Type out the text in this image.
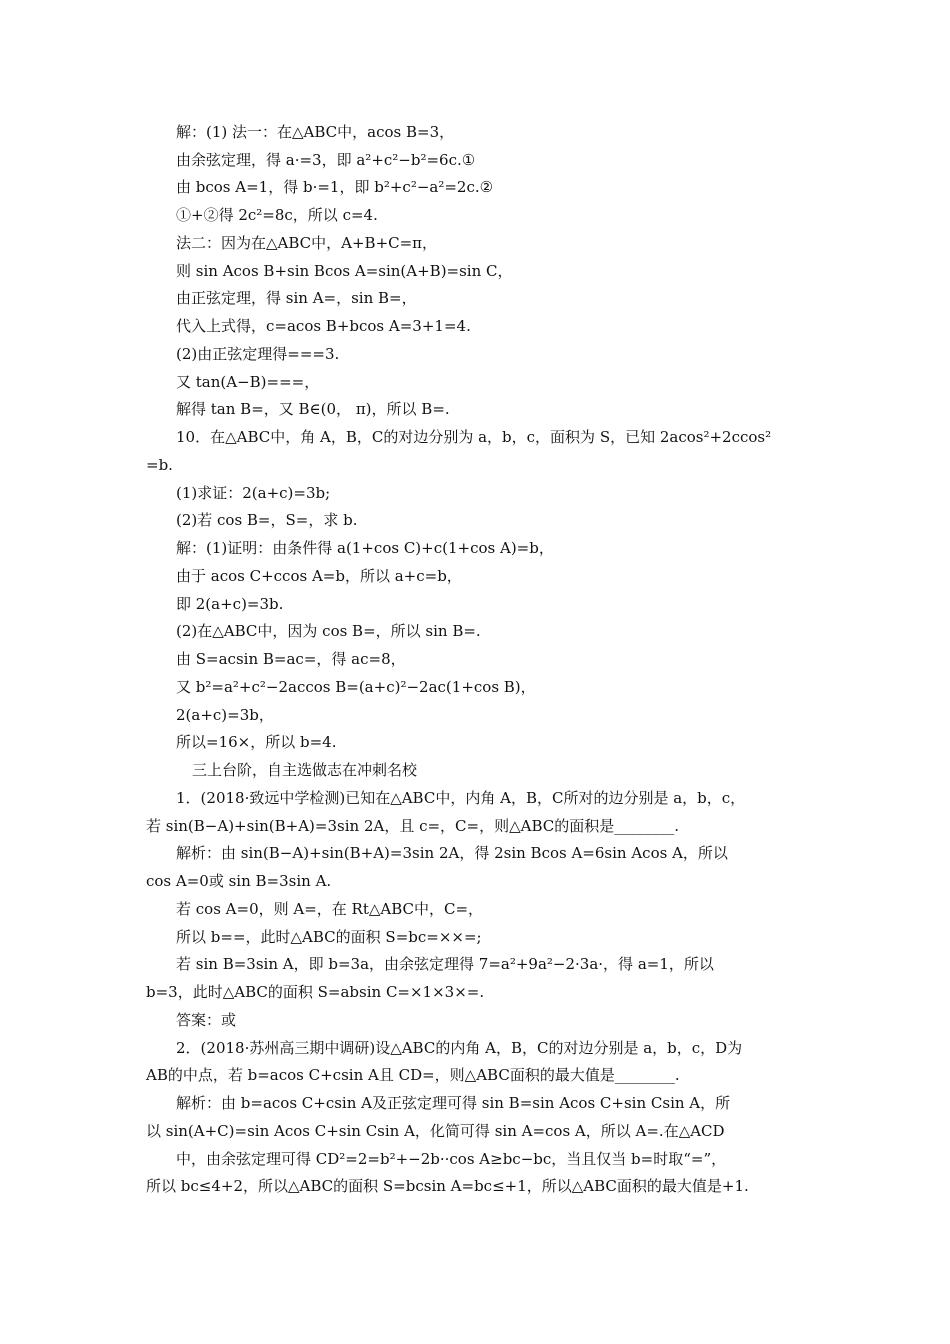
解：(1) 法一：在△ABC中，acos B=3，
由余弦定理，得 a·=3，即 a²+c²−b²=6c.①
由 bcos A=1，得 b·=1，即 b²+c²−a²=2c.②
①+②得 2c²=8c，所以 c=4.
法二：因为在△ABC中，A+B+C=π，
则 sin Acos B+sin Bcos A=sin(A+B)=sin C，
由正弦定理，得 sin A=，sin B=，
代入上式得，c=acos B+bcos A=3+1=4.
(2)由正弦定理得===3.
又 tan(A−B)===，
解得 tan B=，又 B∈(0， π)，所以 B=.
10．在△ABC中，角 A，B，C的对边分别为 a，b，c，面积为 S，已知 2acos²+2ccos²
=b.
(1)求证：2(a+c)=3b;
(2)若 cos B=，S=，求 b.
解：(1)证明：由条件得 a(1+cos C)+c(1+cos A)=b，
由于 acos C+ccos A=b，所以 a+c=b，
即 2(a+c)=3b.
(2)在△ABC中，因为 cos B=，所以 sin B=.
由 S=acsin B=ac=，得 ac=8，
又 b²=a²+c²−2accos B=(a+c)²−2ac(1+cos B)，
2(a+c)=3b，
所以=16×，所以 b=4.
三上台阶，自主选做志在冲刺名校
1．(2018·致远中学检测)已知在△ABC中，内角 A，B，C所对的边分别是 a，b，c，
若 sin(B−A)+sin(B+A)=3sin 2A，且 c=，C=，则△ABC的面积是________.
解析：由 sin(B−A)+sin(B+A)=3sin 2A，得 2sin Bcos A=6sin Acos A，所以
cos A=0或 sin B=3sin A.
若 cos A=0，则 A=，在 Rt△ABC中，C=，
所以 b==，此时△ABC的面积 S=bc=××=;
若 sin B=3sin A，即 b=3a，由余弦定理得 7=a²+9a²−2·3a·，得 a=1，所以
b=3，此时△ABC的面积 S=absin C=×1×3×=.
答案：或
2．(2018·苏州高三期中调研)设△ABC的内角 A，B，C的对边分别是 a，b，c，D为
AB的中点，若 b=acos C+csin A且 CD=，则△ABC面积的最大值是________.
解析：由 b=acos C+csin A及正弦定理可得 sin B=sin Acos C+sin Csin A，所
以 sin(A+C)=sin Acos C+sin Csin A，化简可得 sin A=cos A，所以 A=.在△ACD
中，由余弦定理可得 CD²=2=b²+−2b··cos A≥bc−bc，当且仅当 b=时取“=”，
所以 bc≤4+2，所以△ABC的面积 S=bcsin A=bc≤+1，所以△ABC面积的最大值是+1.
